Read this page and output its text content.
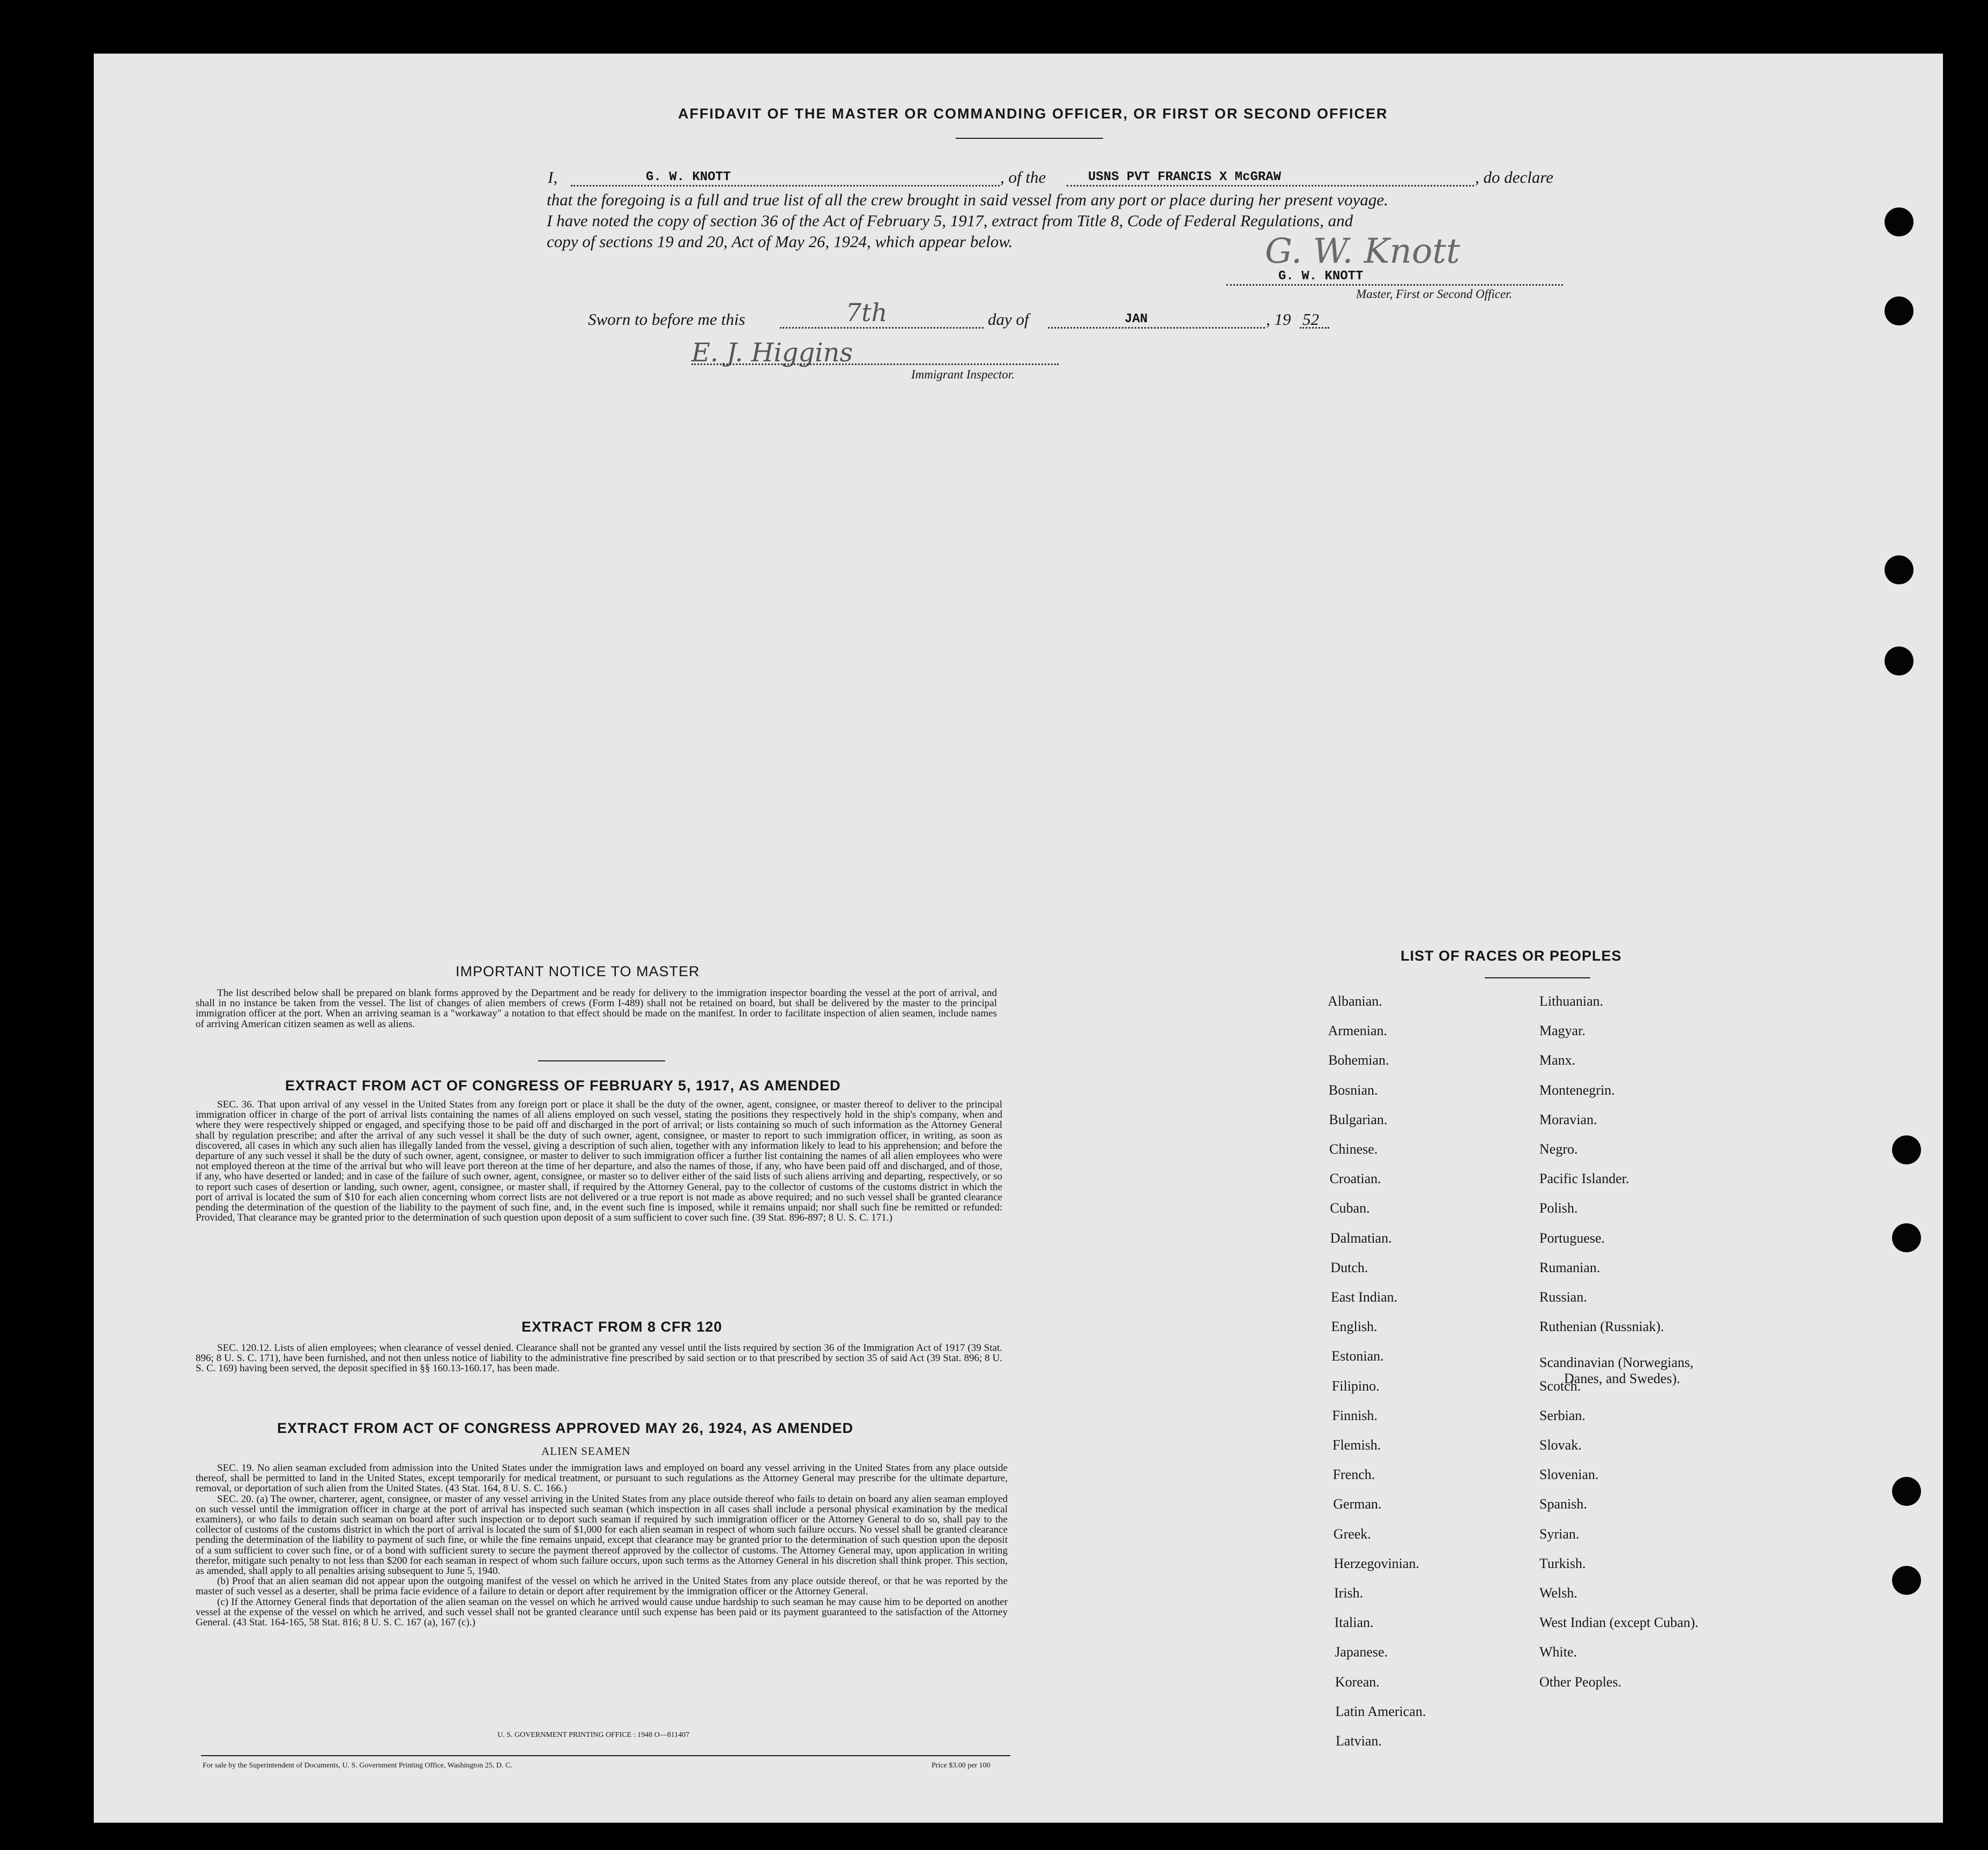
AFFIDAVIT OF THE MASTER OR COMMANDING OFFICER, OR FIRST OR SECOND OFFICER
I,	G. W. KNOTT	, of the	USNS PVT FRANCIS X McGRAW	, do declare
that the foregoing is a full and true list of all the crew brought in said vessel from any port or place during her present voyage.
I have noted the copy of section 36 of the Act of February 5, 1917, extract from Title 8, Code of Federal Regulations, and
copy of sections 19 and 20, Act of May 26, 1924, which appear below.	G. W. Knott
G. W. KNOTT
Master, First or Second Officer.
Sworn to before me this	7th	day of	JAN	, 19 52
E. J. Higgins
Immigrant Inspector.
IMPORTANT NOTICE TO MASTER

The list described below shall be prepared on blank forms approved by the Department and be ready for delivery to the immigration inspector boarding the vessel at the port of arrival, and shall in no instance be taken from the vessel. The list of changes of alien members of crews (Form I-489) shall not be retained on board, but shall be delivered by the master to the principal immigration officer at the port. When an arriving seaman is a "workaway" a notation to that effect should be made on the manifest. In order to facilitate inspection of alien seamen, include names of arriving American citizen seamen as well as aliens.

EXTRACT FROM ACT OF CONGRESS OF FEBRUARY 5, 1917, AS AMENDED

SEC. 36. That upon arrival of any vessel in the United States from any foreign port or place it shall be the duty of the owner, agent, consignee, or master thereof to deliver to the principal immigration officer in charge of the port of arrival lists containing the names of all aliens employed on such vessel, stating the positions they respectively hold in the ship's company, when and where they were respectively shipped or engaged, and specifying those to be paid off and discharged in the port of arrival; or lists containing so much of such information as the Attorney General shall by regulation prescribe; and after the arrival of any such vessel it shall be the duty of such owner, agent, consignee, or master to report to such immigration officer, in writing, as soon as discovered, all cases in which any such alien has illegally landed from the vessel, giving a description of such alien, together with any information likely to lead to his apprehension; and before the departure of any such vessel it shall be the duty of such owner, agent, consignee, or master to deliver to such immigration officer a further list containing the names of all alien employees who were not employed thereon at the time of the arrival but who will leave port thereon at the time of her departure, and also the names of those, if any, who have been paid off and discharged, and of those, if any, who have deserted or landed; and in case of the failure of such owner, agent, consignee, or master so to deliver either of the said lists of such aliens arriving and departing, respectively, or so to report such cases of desertion or landing, such owner, agent, consignee, or master shall, if required by the Attorney General, pay to the collector of customs of the customs district in which the port of arrival is located the sum of $10 for each alien concerning whom correct lists are not delivered or a true report is not made as above required; and no such vessel shall be granted clearance pending the determination of the question of the liability to the payment of such fine, and, in the event such fine is imposed, while it remains unpaid; nor shall such fine be remitted or refunded: Provided, That clearance may be granted prior to the determination of such question upon deposit of a sum sufficient to cover such fine. (39 Stat. 896-897; 8 U. S. C. 171.)

EXTRACT FROM 8 CFR 120

SEC. 120.12. Lists of alien employees; when clearance of vessel denied. Clearance shall not be granted any vessel until the lists required by section 36 of the Immigration Act of 1917 (39 Stat. 896; 8 U. S. C. 171), have been furnished, and not then unless notice of liability to the administrative fine prescribed by said section or to that prescribed by section 35 of said Act (39 Stat. 896; 8 U. S. C. 169) having been served, the deposit specified in §§ 160.13-160.17, has been made.

EXTRACT FROM ACT OF CONGRESS APPROVED MAY 26, 1924, AS AMENDED
ALIEN SEAMEN

SEC. 19. No alien seaman excluded from admission into the United States under the immigration laws and employed on board any vessel arriving in the United States from any place outside thereof, shall be permitted to land in the United States, except temporarily for medical treatment, or pursuant to such regulations as the Attorney General may prescribe for the ultimate departure, removal, or deportation of such alien from the United States. (43 Stat. 164, 8 U. S. C. 166.)

SEC. 20. (a) The owner, charterer, agent, consignee, or master of any vessel arriving in the United States from any place outside thereof who fails to detain on board any alien seaman employed on such vessel until the immigration officer in charge at the port of arrival has inspected such seaman (which inspection in all cases shall include a personal physical examination by the medical examiners), or who fails to detain such seaman on board after such inspection or to deport such seaman if required by such immigration officer or the Attorney General to do so, shall pay to the collector of customs of the customs district in which the port of arrival is located the sum of $1,000 for each alien seaman in respect of whom such failure occurs. No vessel shall be granted clearance pending the determination of the liability to payment of such fine, or while the fine remains unpaid, except that clearance may be granted prior to the determination of such question upon the deposit of a sum sufficient to cover such fine, or of a bond with sufficient surety to secure the payment thereof approved by the collector of customs. The Attorney General may, upon application in writing therefor, mitigate such penalty to not less than $200 for each seaman in respect of whom such failure occurs, upon such terms as the Attorney General in his discretion shall think proper. This section, as amended, shall apply to all penalties arising subsequent to June 5, 1940.

(b) Proof that an alien seaman did not appear upon the outgoing manifest of the vessel on which he arrived in the United States from any place outside thereof, or that he was reported by the master of such vessel as a deserter, shall be prima facie evidence of a failure to detain or deport after requirement by the immigration officer or the Attorney General.

(c) If the Attorney General finds that deportation of the alien seaman on the vessel on which he arrived would cause undue hardship to such seaman he may cause him to be deported on another vessel at the expense of the vessel on which he arrived, and such vessel shall not be granted clearance until such expense has been paid or its payment guaranteed to the satisfaction of the Attorney General. (43 Stat. 164-165, 58 Stat. 816; 8 U. S. C. 167 (a), 167 (c).)

U. S. GOVERNMENT PRINTING OFFICE : 1948 O—811407
For sale by the Superintendent of Documents, U. S. Government Printing Office, Washington 25, D. C.	Price $3.00 per 100
LIST OF RACES OR PEOPLES
Albanian.
Armenian.
Bohemian.
Bosnian.
Bulgarian.
Chinese.
Croatian.
Cuban.
Dalmatian.
Dutch.
East Indian.
English.
Estonian.
Filipino.
Finnish.
Flemish.
French.
German.
Greek.
Herzegovinian.
Irish.
Italian.
Japanese.
Korean.
Latin American.
Latvian.
Lithuanian.
Magyar.
Manx.
Montenegrin.
Moravian.
Negro.
Pacific Islander.
Polish.
Portuguese.
Rumanian.
Russian.
Ruthenian (Russniak).
Scandinavian (Norwegians,
Danes, and Swedes).
Scotch.
Serbian.
Slovak.
Slovenian.
Spanish.
Syrian.
Turkish.
Welsh.
West Indian (except Cuban).
White.
Other Peoples.
